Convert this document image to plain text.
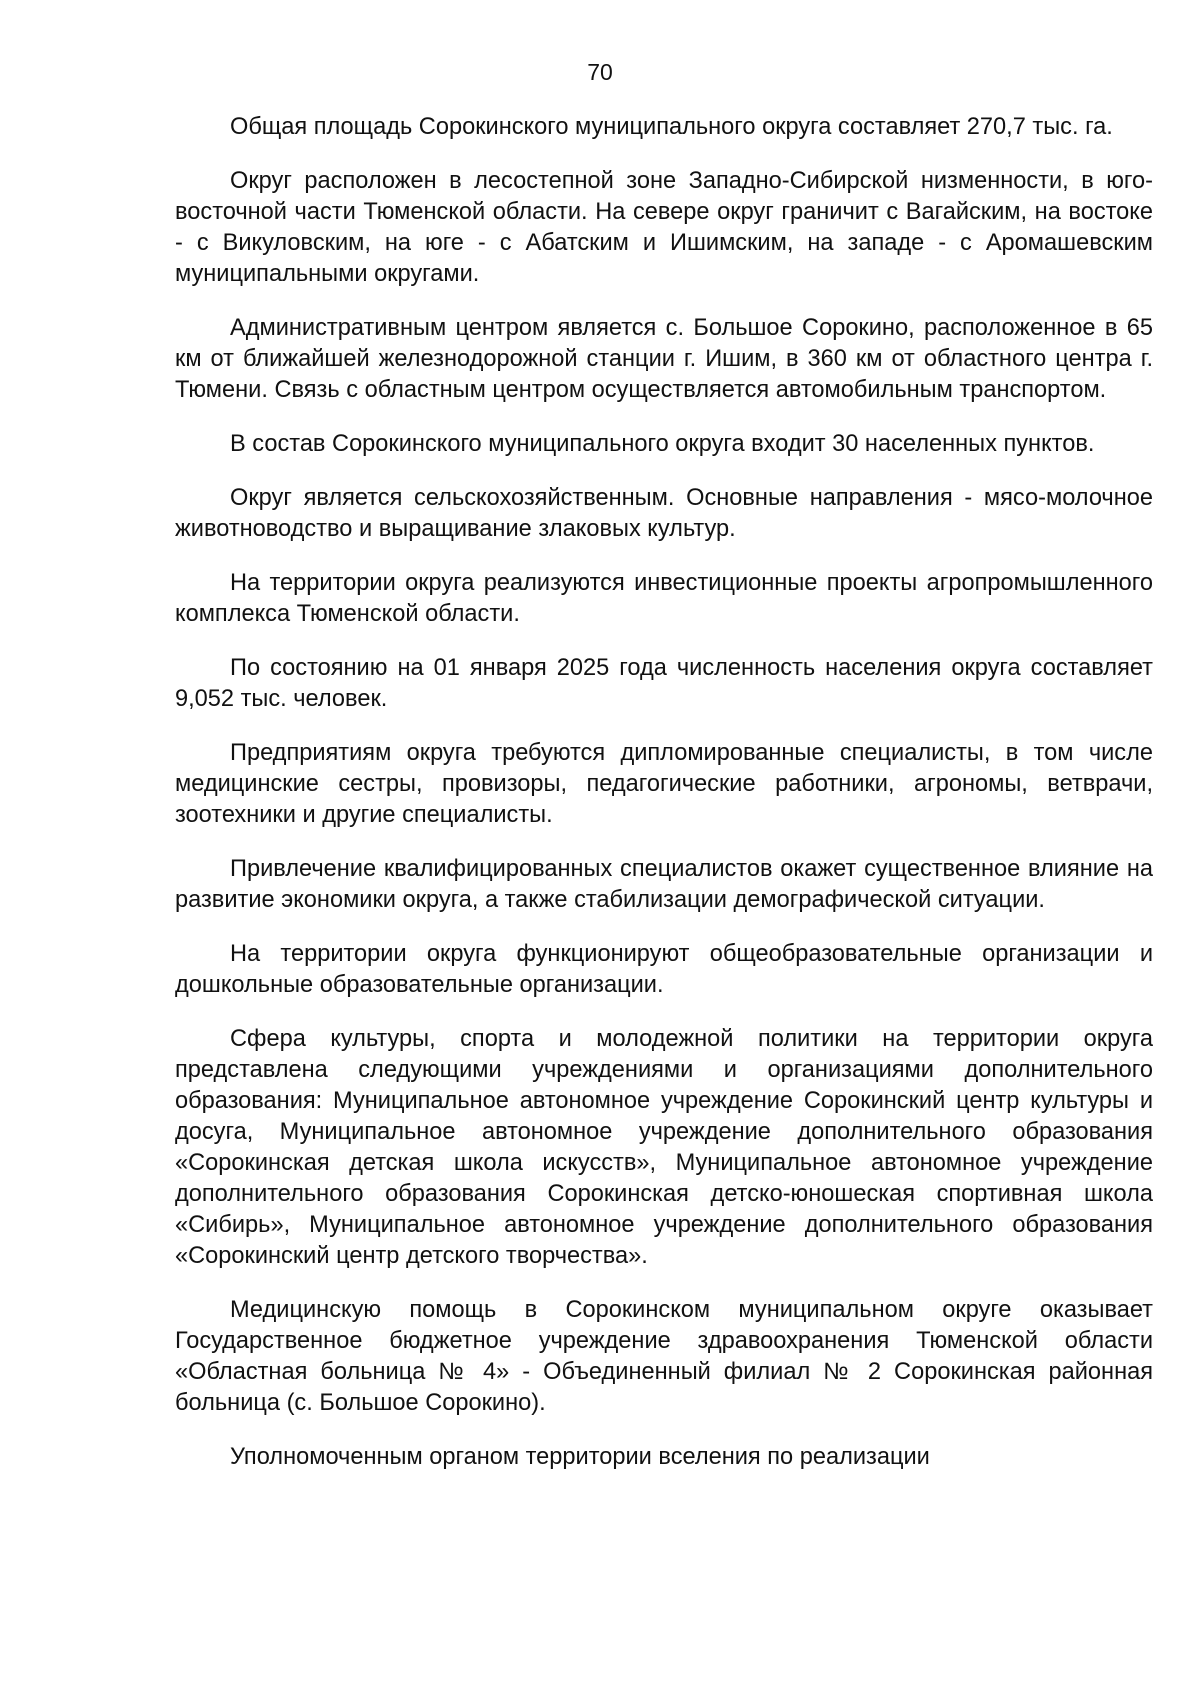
70

Общая площадь Сорокинского муниципального округа составляет 270,7 тыс. га.

Округ расположен в лесостепной зоне Западно-Сибирской низменности, в юго-восточной части Тюменской области. На севере округ граничит с Вагайским, на востоке - с Викуловским, на юге - с Абатским и Ишимским, на западе - с Аромашевским муниципальными округами.

Административным центром является с. Большое Сорокино, расположенное в 65 км от ближайшей железнодорожной станции г. Ишим, в 360 км от областного центра г. Тюмени. Связь с областным центром осуществляется автомобильным транспортом.

В состав Сорокинского муниципального округа входит 30 населенных пунктов.

Округ является сельскохозяйственным. Основные направления - мясо-молочное животноводство и выращивание злаковых культур.

На территории округа реализуются инвестиционные проекты агропромышленного комплекса Тюменской области.

По состоянию на 01 января 2025 года численность населения округа составляет 9,052 тыс. человек.

Предприятиям округа требуются дипломированные специалисты, в том числе медицинские сестры, провизоры, педагогические работники, агрономы, ветврачи, зоотехники и другие специалисты.

Привлечение квалифицированных специалистов окажет существенное влияние на развитие экономики округа, а также стабилизации демографической ситуации.

На территории округа функционируют общеобразовательные организации и дошкольные образовательные организации.

Сфера культуры, спорта и молодежной политики на территории округа представлена следующими учреждениями и организациями дополнительного образования: Муниципальное автономное учреждение Сорокинский центр культуры и досуга, Муниципальное автономное учреждение дополнительного образования «Сорокинская детская школа искусств», Муниципальное автономное учреждение дополнительного образования Сорокинская детско-юношеская спортивная школа «Сибирь», Муниципальное автономное учреждение дополнительного образования «Сорокинский центр детского творчества».

Медицинскую помощь в Сорокинском муниципальном округе оказывает Государственное бюджетное учреждение здравоохранения Тюменской области «Областная больница № 4» - Объединенный филиал № 2 Сорокинская районная больница (с. Большое Сорокино).

Уполномоченным органом территории вселения по реализации
